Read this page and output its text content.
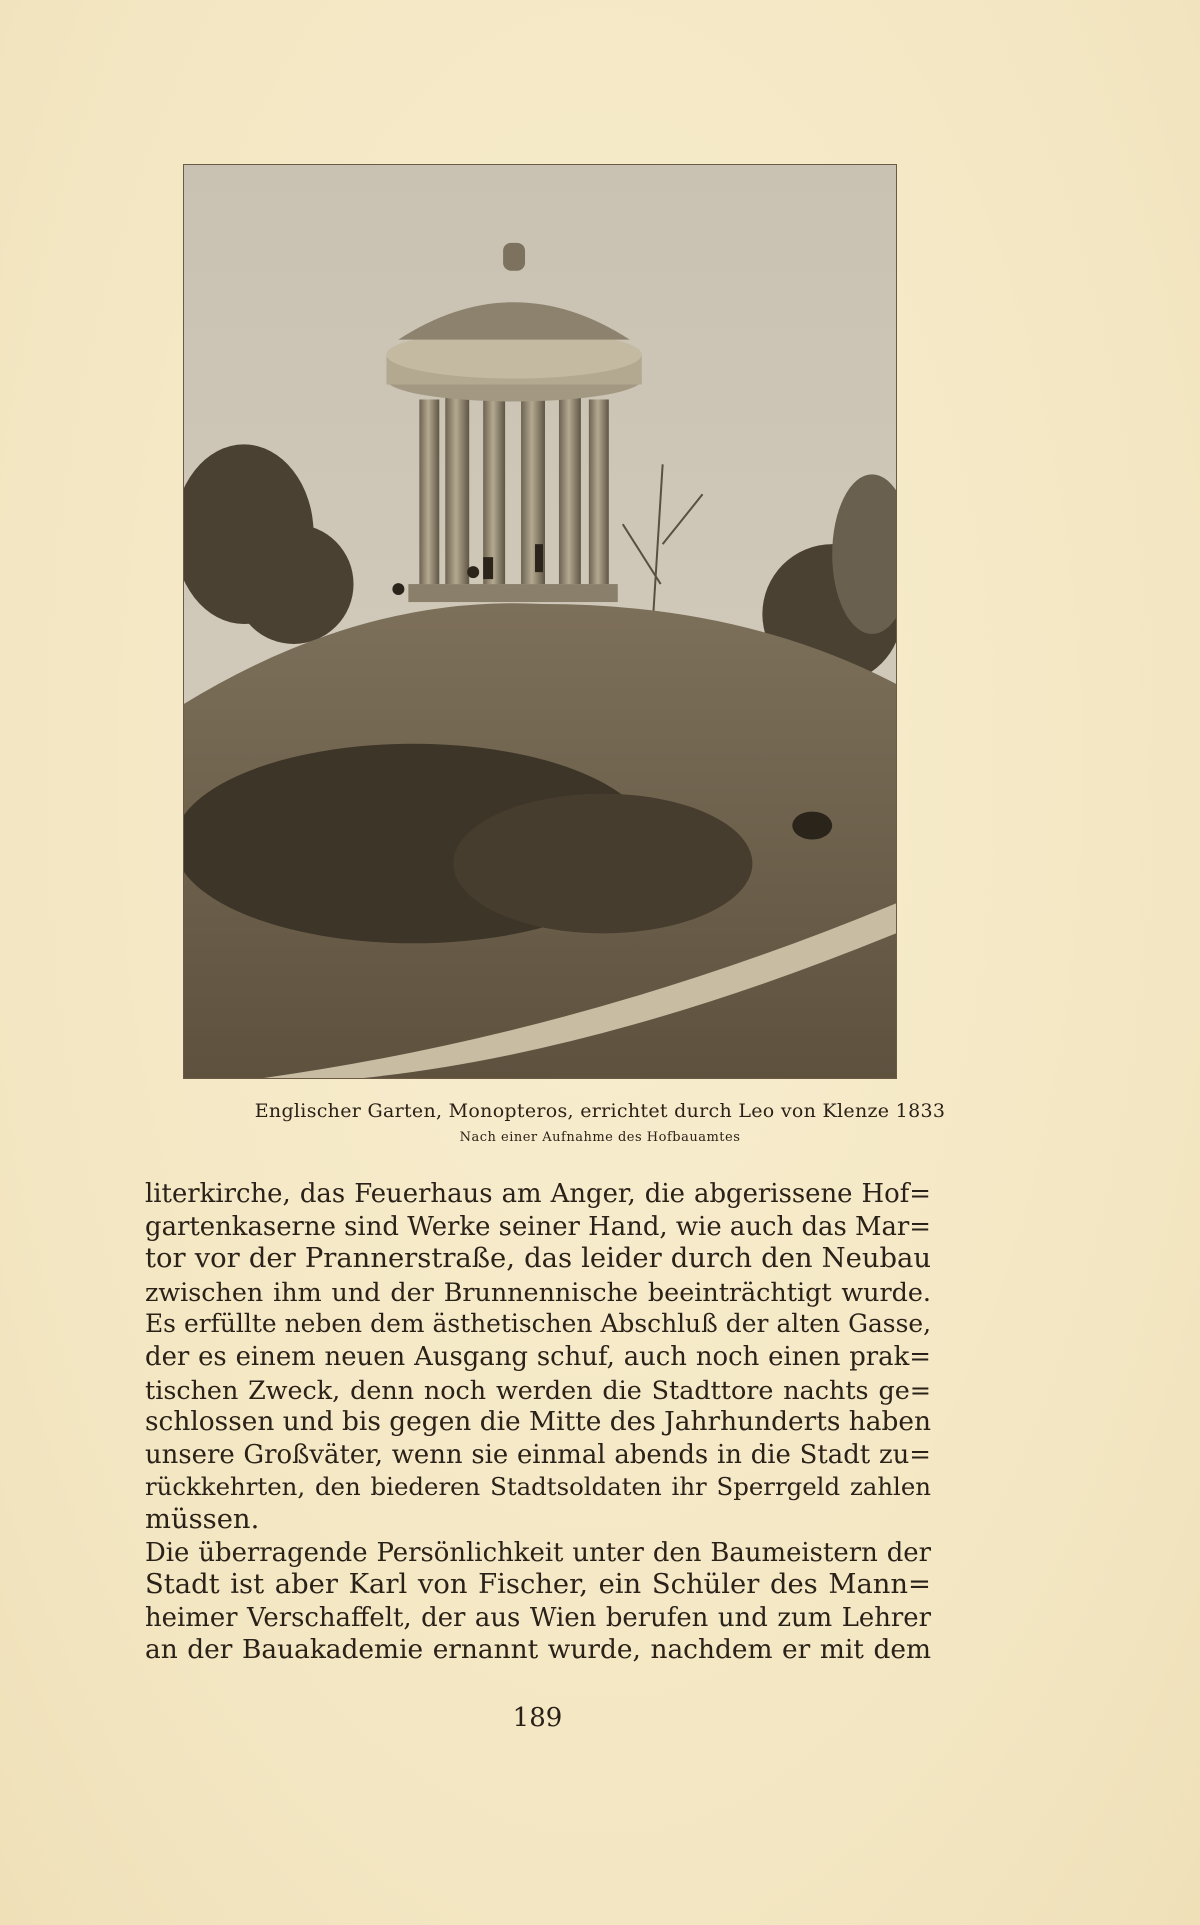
Englischer Garten, Monopteros, errichtet durch Leo von Klenze 1833
Nach einer Aufnahme des Hofbauamtes
literkirche, das Feuerhaus am Anger, die abgerissene Hof=
gartenkaserne sind Werke seiner Hand, wie auch das Mar=
tor vor der Prannerstraße, das leider durch den Neubau
zwischen ihm und der Brunnennische beeinträchtigt wurde.
Es erfüllte neben dem ästhetischen Abschluß der alten Gasse,
der es einem neuen Ausgang schuf, auch noch einen prak=
tischen Zweck, denn noch werden die Stadttore nachts ge=
schlossen und bis gegen die Mitte des Jahrhunderts haben
unsere Großväter, wenn sie einmal abends in die Stadt zu=
rückkehrten, den biederen Stadtsoldaten ihr Sperrgeld zahlen
müssen.
Die überragende Persönlichkeit unter den Baumeistern der
Stadt ist aber Karl von Fischer, ein Schüler des Mann=
heimer Verschaffelt, der aus Wien berufen und zum Lehrer
an der Bauakademie ernannt wurde, nachdem er mit dem
189
